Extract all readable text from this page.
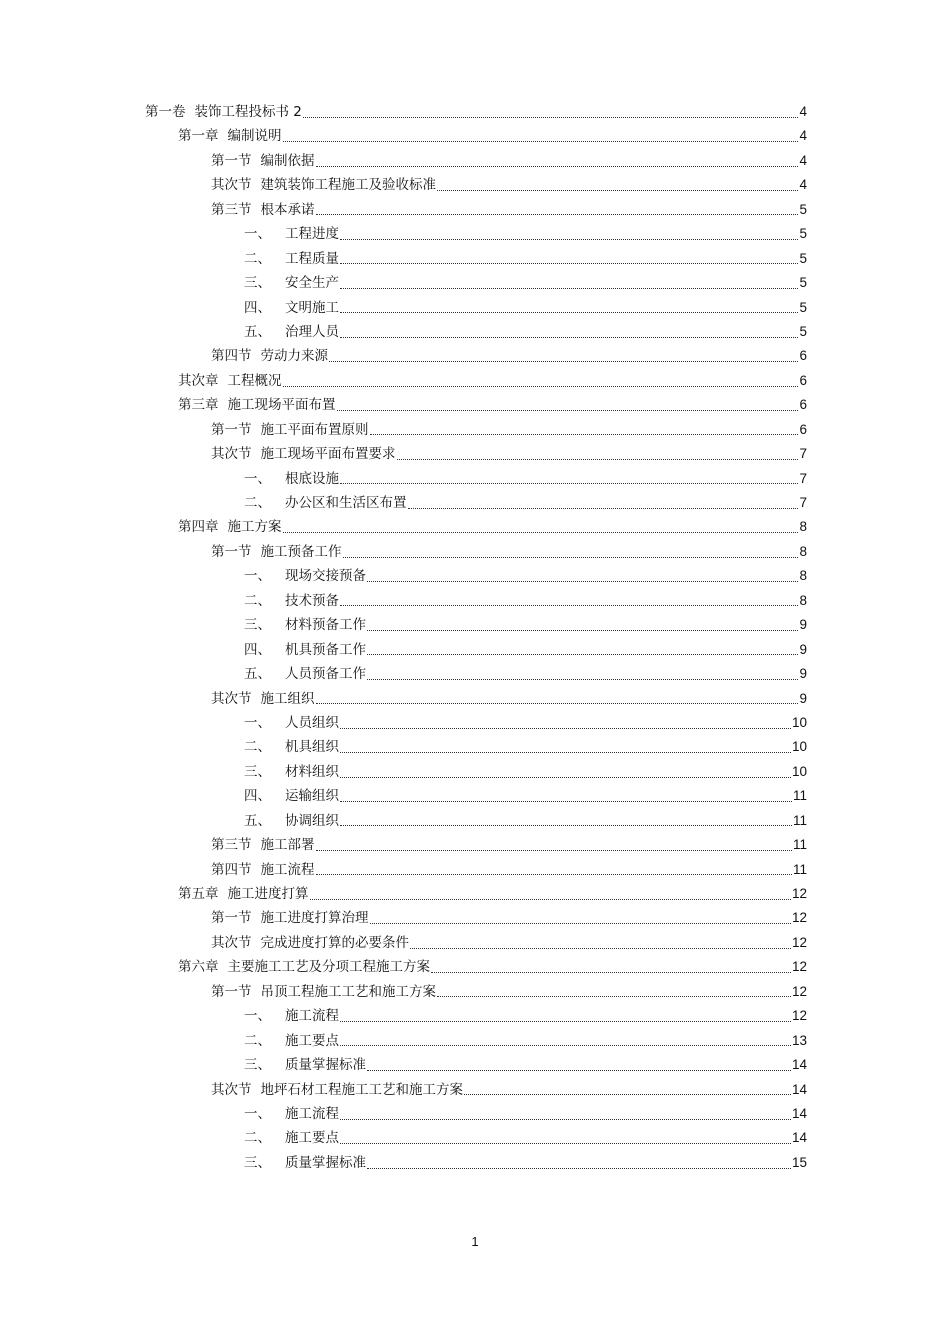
第一卷 装饰工程投标书 2	4
第一章 编制说明	4
第一节 编制依据	4
其次节 建筑装饰工程施工及验收标准	4
第三节 根本承诺	5
一、	工程进度	5
二、	工程质量	5
三、	安全生产	5
四、	文明施工	5
五、	治理人员	5
第四节 劳动力来源	6
其次章 工程概况	6
第三章 施工现场平面布置	6
第一节 施工平面布置原则	6
其次节 施工现场平面布置要求	7
一、	根底设施	7
二、	办公区和生活区布置	7
第四章 施工方案	8
第一节 施工预备工作	8
一、	现场交接预备	8
二、	技术预备	8
三、	材料预备工作	9
四、	机具预备工作	9
五、	人员预备工作	9
其次节 施工组织	9
一、	人员组织	10
二、	机具组织	10
三、	材料组织	10
四、	运输组织	11
五、	协调组织	11
第三节 施工部署	11
第四节 施工流程	11
第五章 施工进度打算	12
第一节 施工进度打算治理	12
其次节 完成进度打算的必要条件	12
第六章 主要施工工艺及分项工程施工方案	12
第一节 吊顶工程施工工艺和施工方案	12
一、	施工流程	12
二、	施工要点	13
三、	质量掌握标准	14
其次节 地坪石材工程施工工艺和施工方案	14
一、	施工流程	14
二、	施工要点	14
三、	质量掌握标准	15
1
